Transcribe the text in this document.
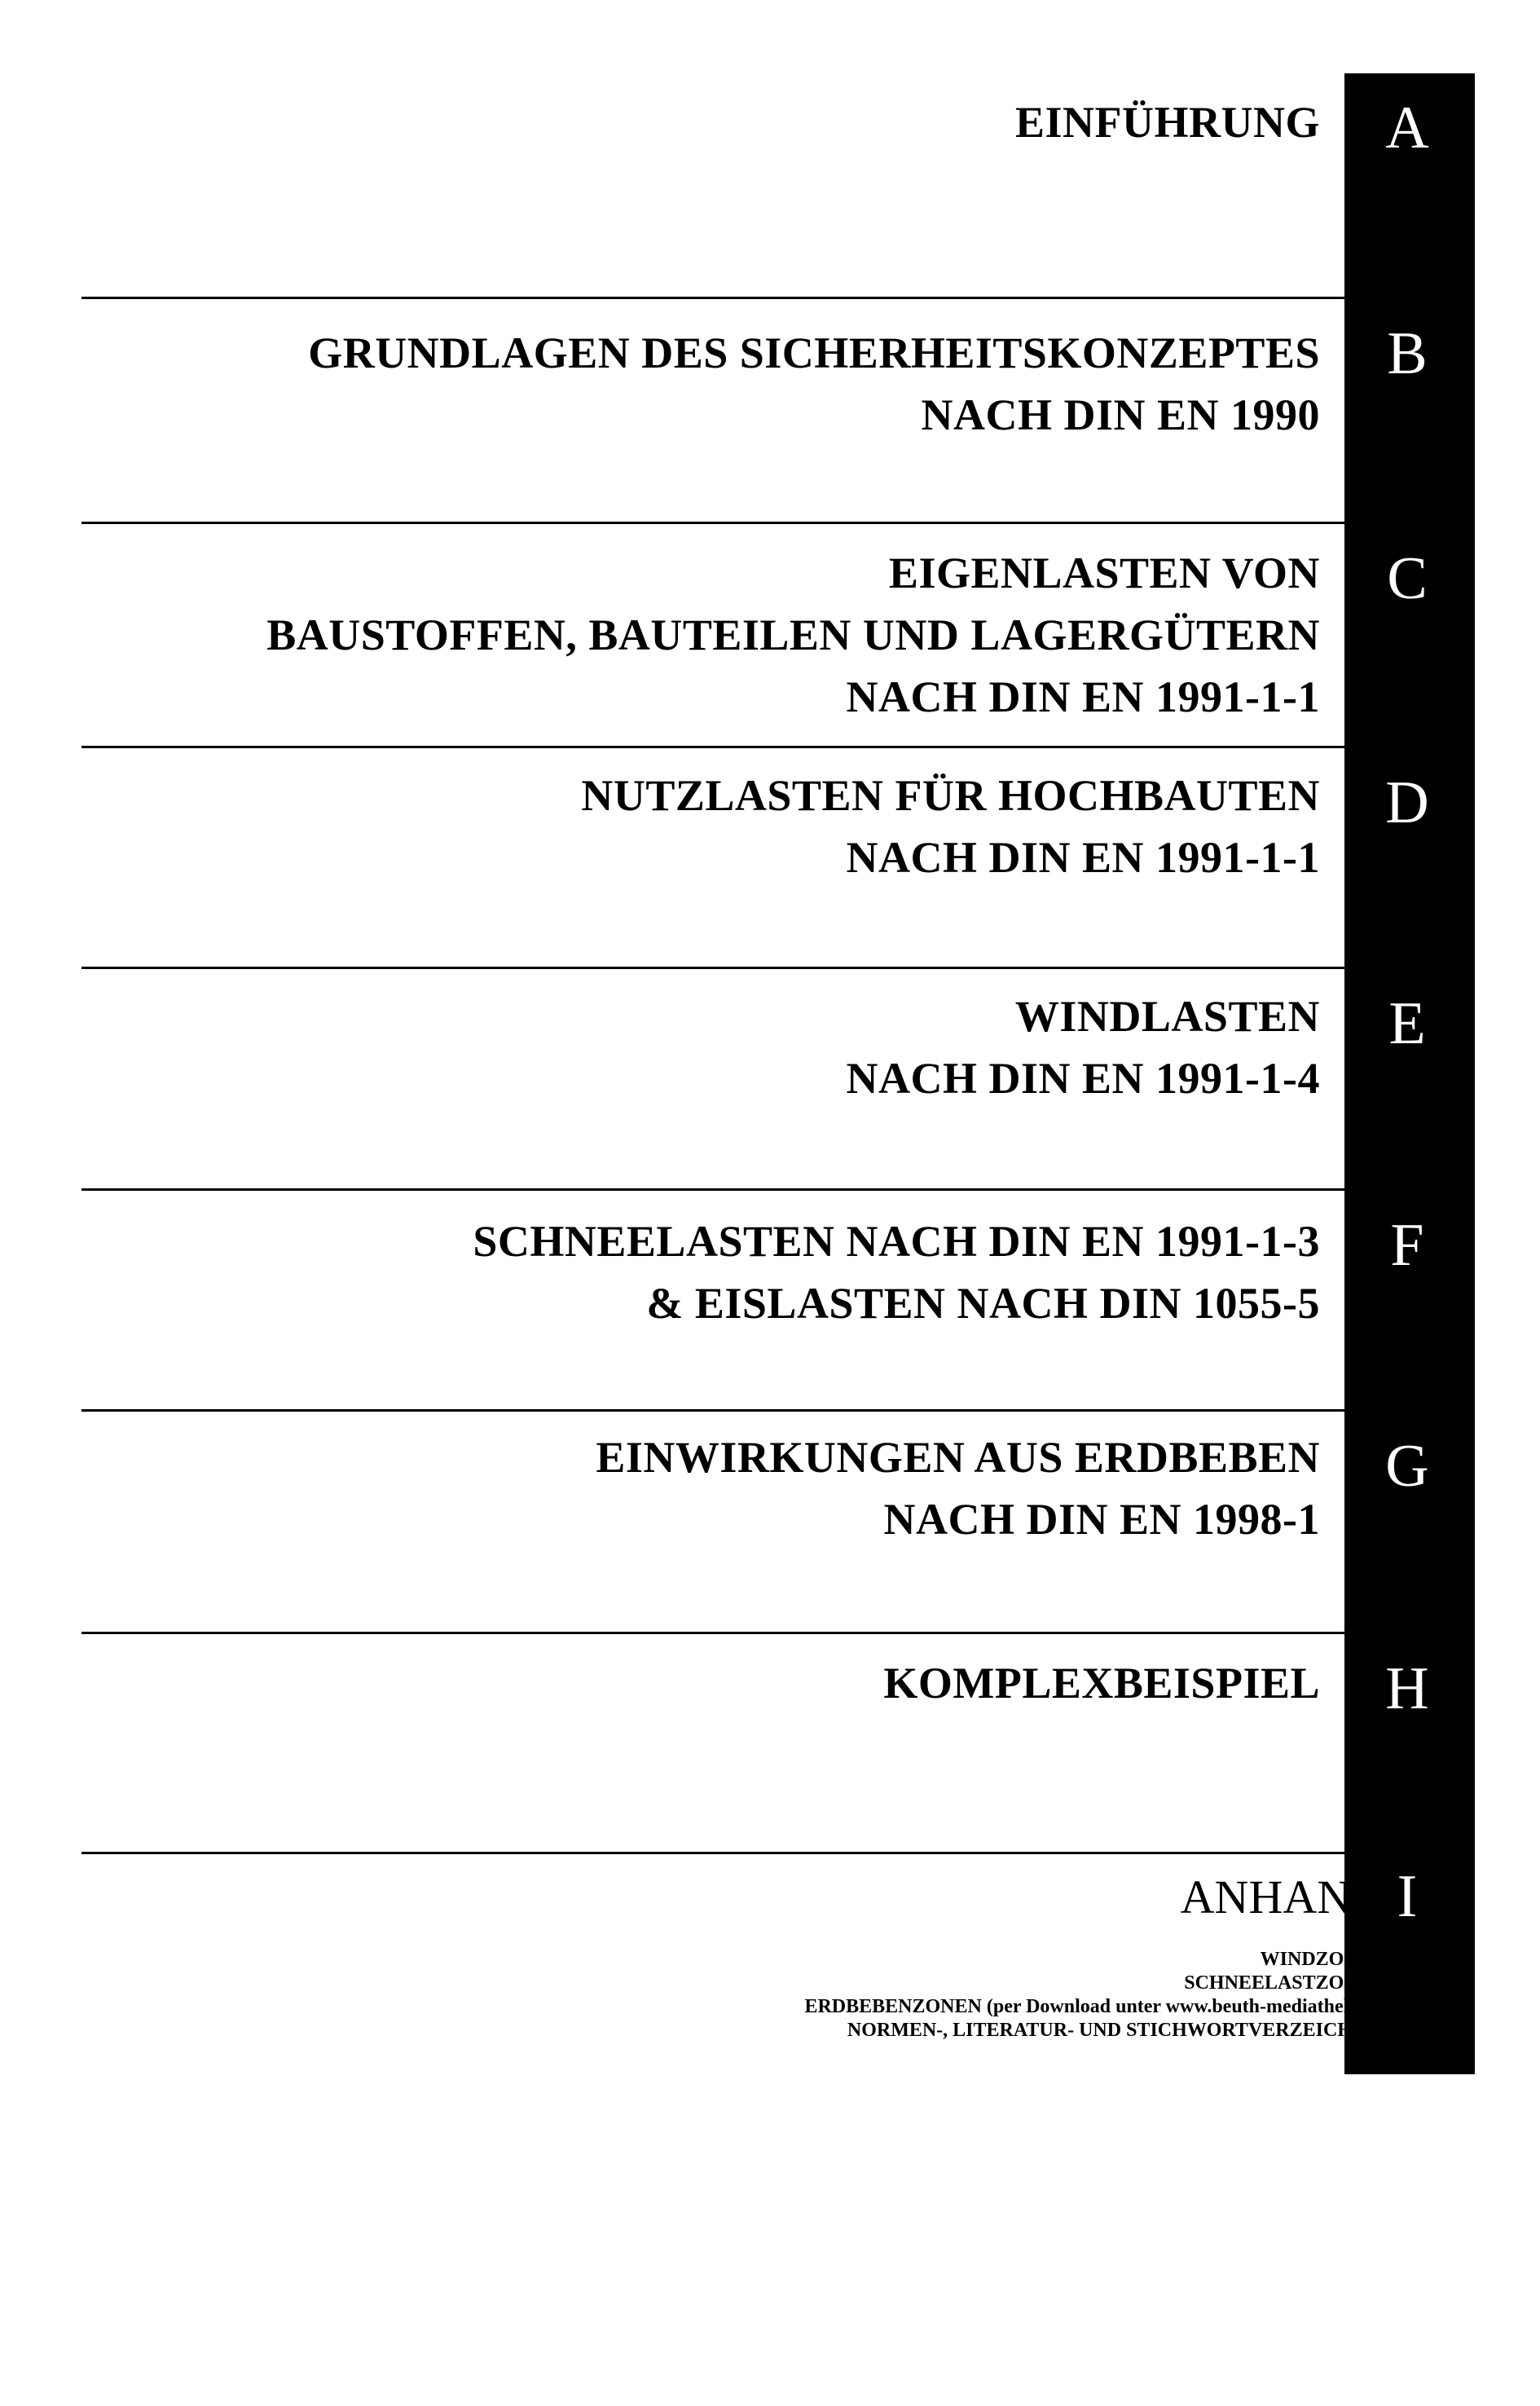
EINFÜHRUNG	A
GRUNDLAGEN DES SICHERHEITSKONZEPTES
NACH DIN EN 1990
B
EIGENLASTEN VON
BAUSTOFFEN, BAUTEILEN UND LAGERGÜTERN
NACH DIN EN 1991-1-1
C
NUTZLASTEN FÜR HOCHBAUTEN
NACH DIN EN 1991-1-1
D
WINDLASTEN
NACH DIN EN 1991-1-4
E
SCHNEELASTEN NACH DIN EN 1991-1-3
& EISLASTEN NACH DIN 1055-5
F
EINWIRKUNGEN AUS ERDBEBEN
NACH DIN EN 1998-1
G
KOMPLEXBEISPIEL	H
ANHANG
WINDZONEN
SCHNEELASTZONEN
ERDBEBENZONEN (per Download unter www.beuth-mediathek.de)
NORMEN-, LITERATUR- UND STICHWORTVERZEICHNIS
I
